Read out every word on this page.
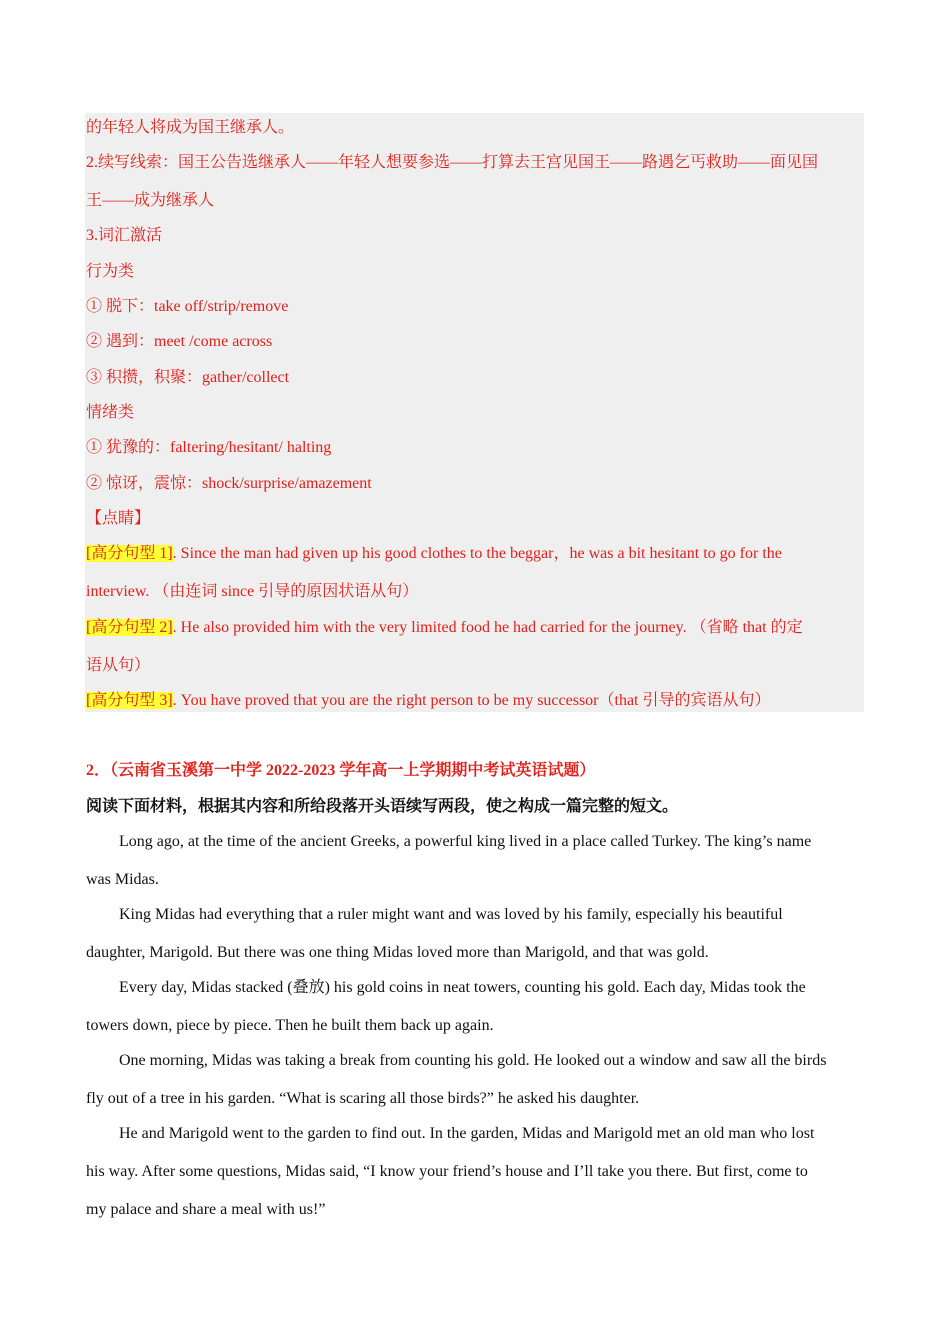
的年轻人将成为国王继承人。
2.续写线索：国王公告选继承人——年轻人想要参选——打算去王宫见国王——路遇乞丐救助——面见国
王——成为继承人
3.词汇激活
行为类
① 脱下：take off/strip/remove
② 遇到：meet /come across
③ 积攒，积聚：gather/collect
情绪类
① 犹豫的：faltering/hesitant/ halting
② 惊讶，震惊：shock/surprise/amazement
【点睛】
[高分句型 1]. Since the man had given up his good clothes to the beggar，he was a bit hesitant to go for the
interview. （由连词 since 引导的原因状语从句）
[高分句型 2]. He also provided him with the very limited food he had carried for the journey. （省略 that 的定
语从句）
[高分句型 3]. You have proved that you are the right person to be my successor（that 引导的宾语从句）
2．（云南省玉溪第一中学 2022-2023 学年高一上学期期中考试英语试题）
阅读下面材料，根据其内容和所给段落开头语续写两段，使之构成一篇完整的短文。
Long ago, at the time of the ancient Greeks, a powerful king lived in a place called Turkey. The king’s name
was Midas.
King Midas had everything that a ruler might want and was loved by his family, especially his beautiful
daughter, Marigold. But there was one thing Midas loved more than Marigold, and that was gold.
Every day, Midas stacked (叠放) his gold coins in neat towers, counting his gold. Each day, Midas took the
towers down, piece by piece. Then he built them back up again.
One morning, Midas was taking a break from counting his gold. He looked out a window and saw all the birds
fly out of a tree in his garden. “What is scaring all those birds?” he asked his daughter.
He and Marigold went to the garden to find out. In the garden, Midas and Marigold met an old man who lost
his way. After some questions, Midas said, “I know your friend’s house and I’ll take you there. But first, come to
my palace and share a meal with us!”
